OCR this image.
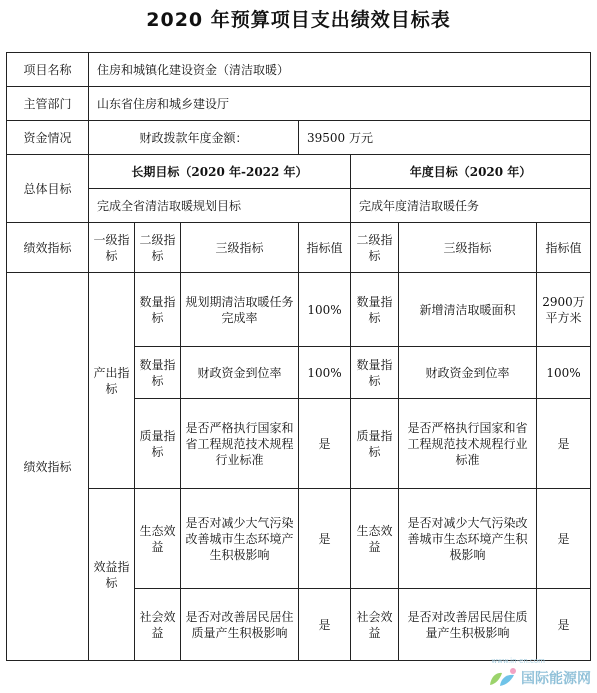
2020 年预算项目支出绩效目标表
项目名称	住房和城镇化建设资金（清洁取暖）						
主管部门	山东省住房和城乡建设厅						
资金情况	财政拨款年度金额：			39500 万元			
总体目标	长期目标（2020 年-2022 年）				年度目标（2020 年）		
	完成全省清洁取暖规划目标				完成年度清洁取暖任务		
绩效指标	一级指标	二级指标	三级指标	指标值	二级指标	三级指标	指标值
绩效指标	产出指标	数量指标	规划期清洁取暖任务完成率	100%	数量指标	新增清洁取暖面积	2900万平方米
		数量指标	财政资金到位率	100%	数量指标	财政资金到位率	100%
		质量指标	是否严格执行国家和省工程规范技术规程行业标准	是	质量指标	是否严格执行国家和省工程规范技术规程行业标准	是
	效益指标	生态效益	是否对减少大气污染改善城市生态环境产生积极影响	是	生态效益	是否对减少大气污染改善城市生态环境产生积极影响	是
		社会效益	是否对改善居民居住质量产生积极影响	是	社会效益	是否对改善居民居住质量产生积极影响	是
www.in-en.com
国际能源网
